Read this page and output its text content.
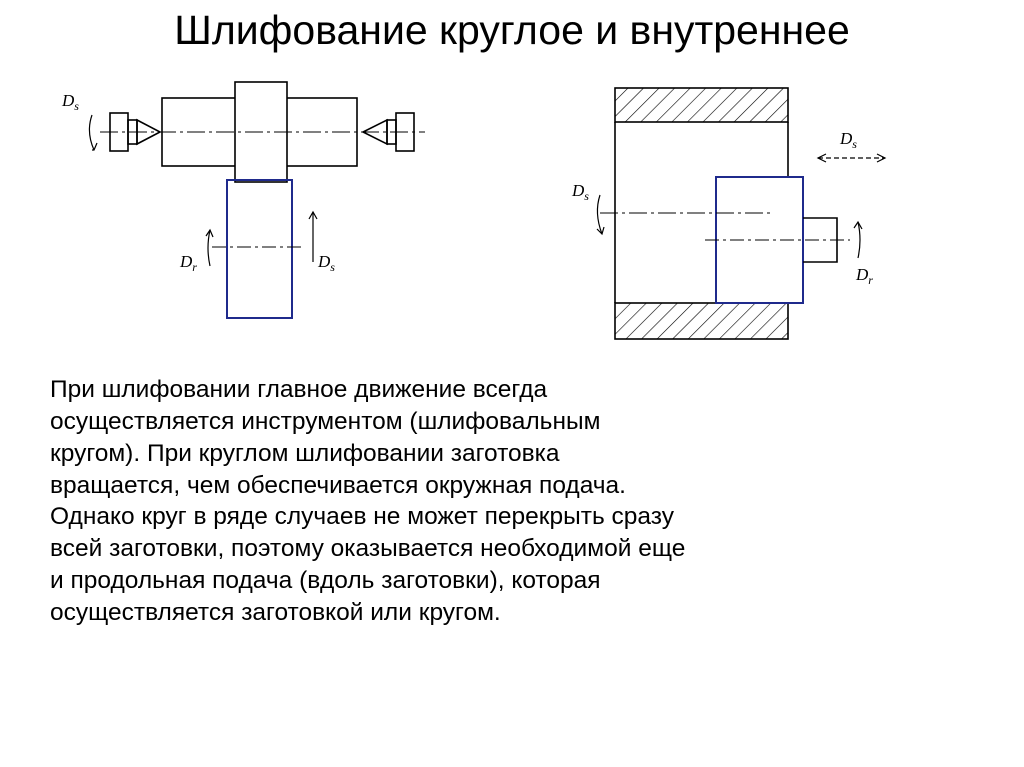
Шлифование круглое и внутреннее
$D_s$
$D_r$	$D_s$
$D_s$
$D_s$
$D_r$
При шлифовании главное движение всегда
осуществляется инструментом (шлифовальным
кругом). При круглом шлифовании заготовка
вращается, чем обеспечивается окружная подача.
Однако круг в ряде случаев не может перекрыть сразу
всей заготовки, поэтому оказывается необходимой еще
и продольная подача (вдоль заготовки), которая
осуществляется заготовкой или кругом.
